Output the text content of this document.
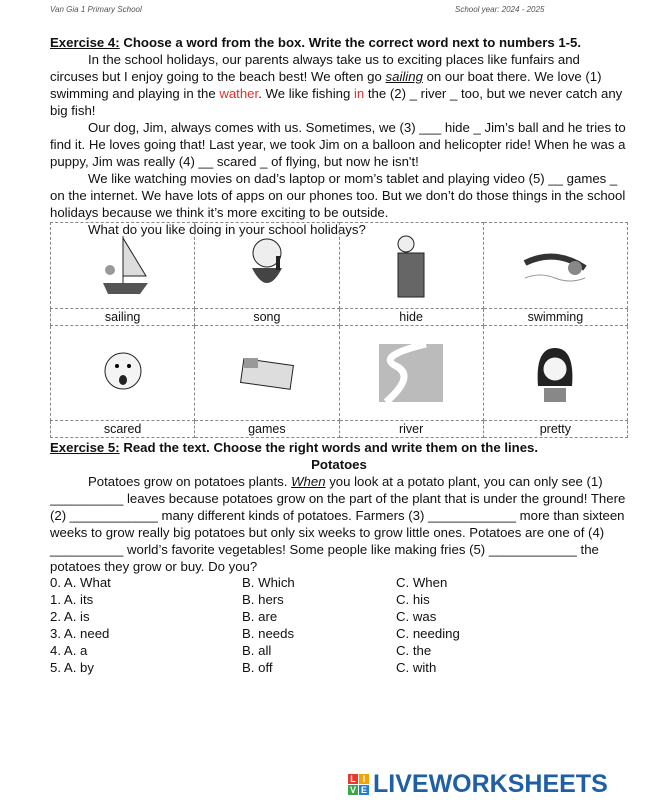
Van Gia 1 Primary School	School year: 2024 - 2025
Exercise 4: Choose a word from the box. Write the correct word next to numbers 1-5.
In the school holidays, our parents always take us to exciting places like funfairs and circuses but I enjoy going to the beach best! We often go sailing on our boat there. We love (1) swimming and playing in the wather. We like fishing in the (2) _ river _ too, but we never catch any big fish!
Our dog, Jim, always comes with us. Sometimes, we (3) ___ hide _ Jim’s ball and he tries to find it. He loves going that! Last year, we took Jim on a balloon and helicopter ride! When he was a puppy, Jim was really (4) __ scared _ of flying, but now he isn't!
We like watching movies on dad’s laptop or mom’s tablet and playing video (5) __ games _ on the internet. We have lots of apps on our phones too. But we don’t do those things in the school holidays because we think it’s more exciting to be outside.
What do you like doing in your school holidays?

sailing	song	hide	swimming

scared	games	river	pretty
Exercise 5: Read the text. Choose the right words and write them on the lines.
Potatoes
Potatoes grow on potatoes plants. When you look at a potato plant, you can only see (1) __________ leaves because potatoes grow on the part of the plant that is under the ground! There (2) ____________ many different kinds of potatoes. Farmers (3) ____________ more than sixteen weeks to grow really big potatoes but only six weeks to grow little ones. Potatoes are one of (4) __________ world’s favorite vegetables! Some people like making fries (5) ____________ the potatoes they grow or buy. Do you?
0. A. What	B. Which	C. When
1. A. its	B. hers	C. his
2. A. is	B. are	C. was
3. A. need	B. needs	C. needing
4. A. a	B. all	C. the
5. A. by	B. off	C. with
L I
V E LIVEWORKSHEETS
